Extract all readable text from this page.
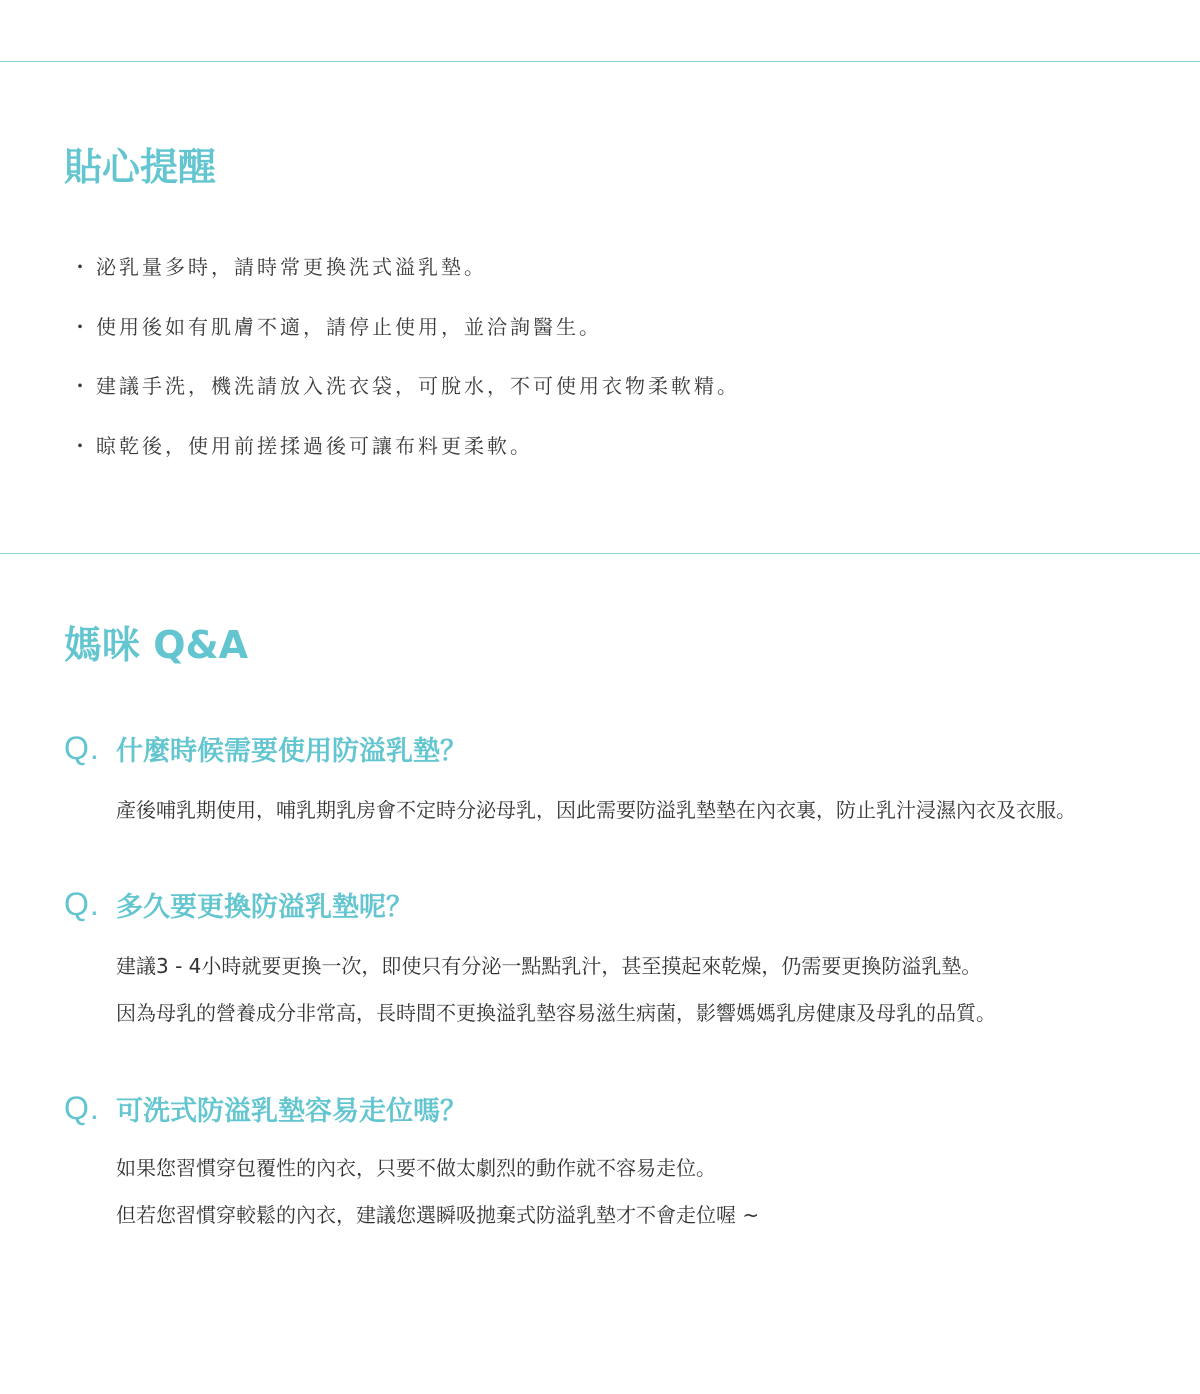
貼心提醒
・ 泌乳量多時，請時常更換洗式溢乳墊。
・ 使用後如有肌膚不適，請停止使用，並洽詢醫生。
・ 建議手洗，機洗請放入洗衣袋，可脫水，不可使用衣物柔軟精。
・ 晾乾後，使用前搓揉過後可讓布料更柔軟。
媽咪 Q&A
Q. 什麼時候需要使用防溢乳墊？

產後哺乳期使用，哺乳期乳房會不定時分泌母乳，因此需要防溢乳墊墊在內衣裏，防止乳汁浸濕內衣及衣服。

Q. 多久要更換防溢乳墊呢？

建議3 - 4小時就要更換一次，即使只有分泌一點點乳汁，甚至摸起來乾燥，仍需要更換防溢乳墊。

因為母乳的營養成分非常高，長時間不更換溢乳墊容易滋生病菌，影響媽媽乳房健康及母乳的品質。

Q. 可洗式防溢乳墊容易走位嗎？

如果您習慣穿包覆性的內衣，只要不做太劇烈的動作就不容易走位。

但若您習慣穿較鬆的內衣，建議您選瞬吸拋棄式防溢乳墊才不會走位喔 ~
